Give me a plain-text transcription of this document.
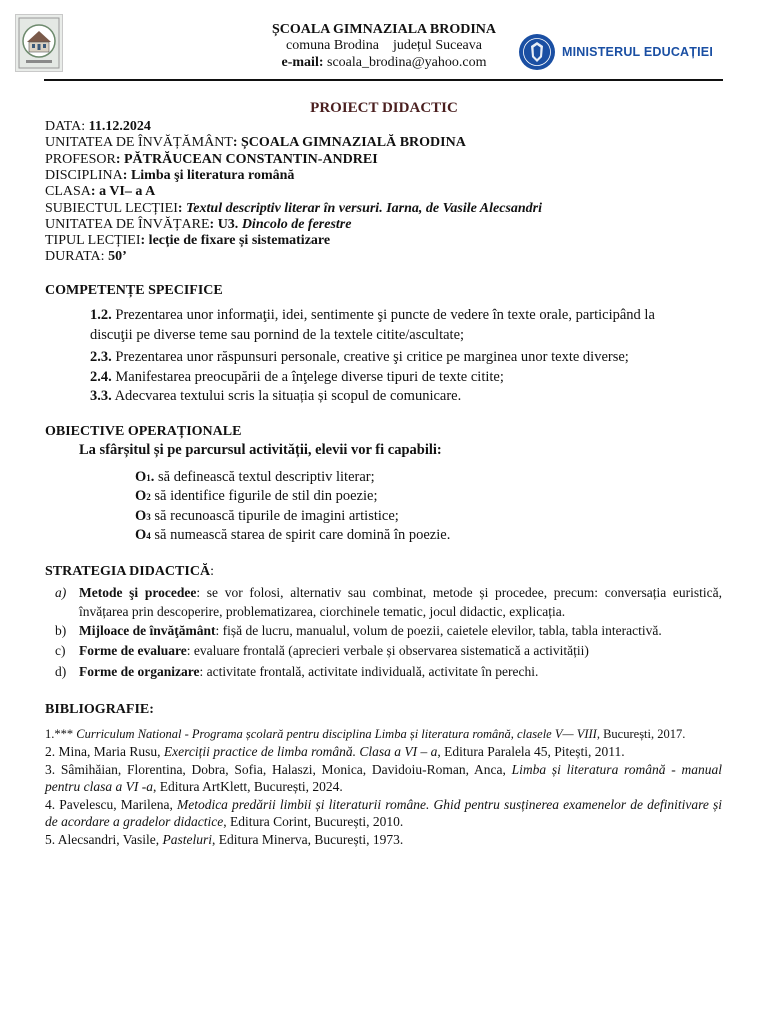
ȘCOALA GIMNAZIALA BRODINA
comuna Brodina județul Suceava
e-mail: scoala_brodina@yahoo.com
MINISTERUL EDUCAȚIEI
PROIECT DIDACTIC
DATA: 11.12.2024
UNITATEA DE ÎNVĂȚĂMÂNT: ȘCOALA GIMNAZIALĂ BRODINA
PROFESOR: PĂTRĂUCEAN CONSTANTIN-ANDREI
DISCIPLINA: Limba şi literatura română
CLASA: a VI– a A
SUBIECTUL LECȚIEI: Textul descriptiv literar în versuri. Iarna, de Vasile Alecsandri
UNITATEA DE ÎNVĂȚARE: U3. Dincolo de ferestre
TIPUL LECȚIEI: lecție de fixare și sistematizare
DURATA: 50’
COMPETENȚE SPECIFICE
1.2. Prezentarea unor informaţii, idei, sentimente şi puncte de vedere în texte orale, participând la
discuţii pe diverse teme sau pornind de la textele citite/ascultate;
2.3. Prezentarea unor răspunsuri personale, creative şi critice pe marginea unor texte diverse;
2.4. Manifestarea preocupării de a înţelege diverse tipuri de texte citite;
3.3. Adecvarea textului scris la situația și scopul de comunicare.
OBIECTIVE OPERAȚIONALE
La sfârșitul și pe parcursul activității, elevii vor fi capabili:
O1. să definească textul descriptiv literar;
O2 să identifice figurile de stil din poezie;
O3 să recunoască tipurile de imagini artistice;
O4 să numească starea de spirit care domină în poezie.
STRATEGIA DIDACTICĂ:
a) Metode şi procedee: se vor folosi, alternativ sau combinat, metode și procedee, precum: conversația euristică, învățarea prin descoperire, problematizarea, ciorchinele tematic, jocul didactic, explicația.
b) Mijloace de învăţământ: fișă de lucru, manualul, volum de poezii, caietele elevilor, tabla, tabla interactivă.
c) Forme de evaluare: evaluare frontală (aprecieri verbale și observarea sistematică a activității)
d) Forme de organizare: activitate frontală, activitate individuală, activitate în perechi.
BIBLIOGRAFIE:
1.*** Curriculum National - Programa școlară pentru disciplina Limba și literatura română, clasele V— VIII, București, 2017.
2. Mina, Maria Rusu, Exerciții practice de limba română. Clasa a VI – a, Editura Paralela 45, Pitești, 2011.
3. Sâmihăian, Florentina, Dobra, Sofia, Halaszi, Monica, Davidoiu-Roman, Anca, Limba și literatura română - manual pentru clasa a VI -a, Editura ArtKlett, București, 2024.
4. Pavelescu, Marilena, Metodica predării limbii și literaturii române. Ghid pentru susținerea examenelor de definitivare și de acordare a gradelor didactice, Editura Corint, București, 2010.
5. Alecsandri, Vasile, Pasteluri, Editura Minerva, București, 1973.
